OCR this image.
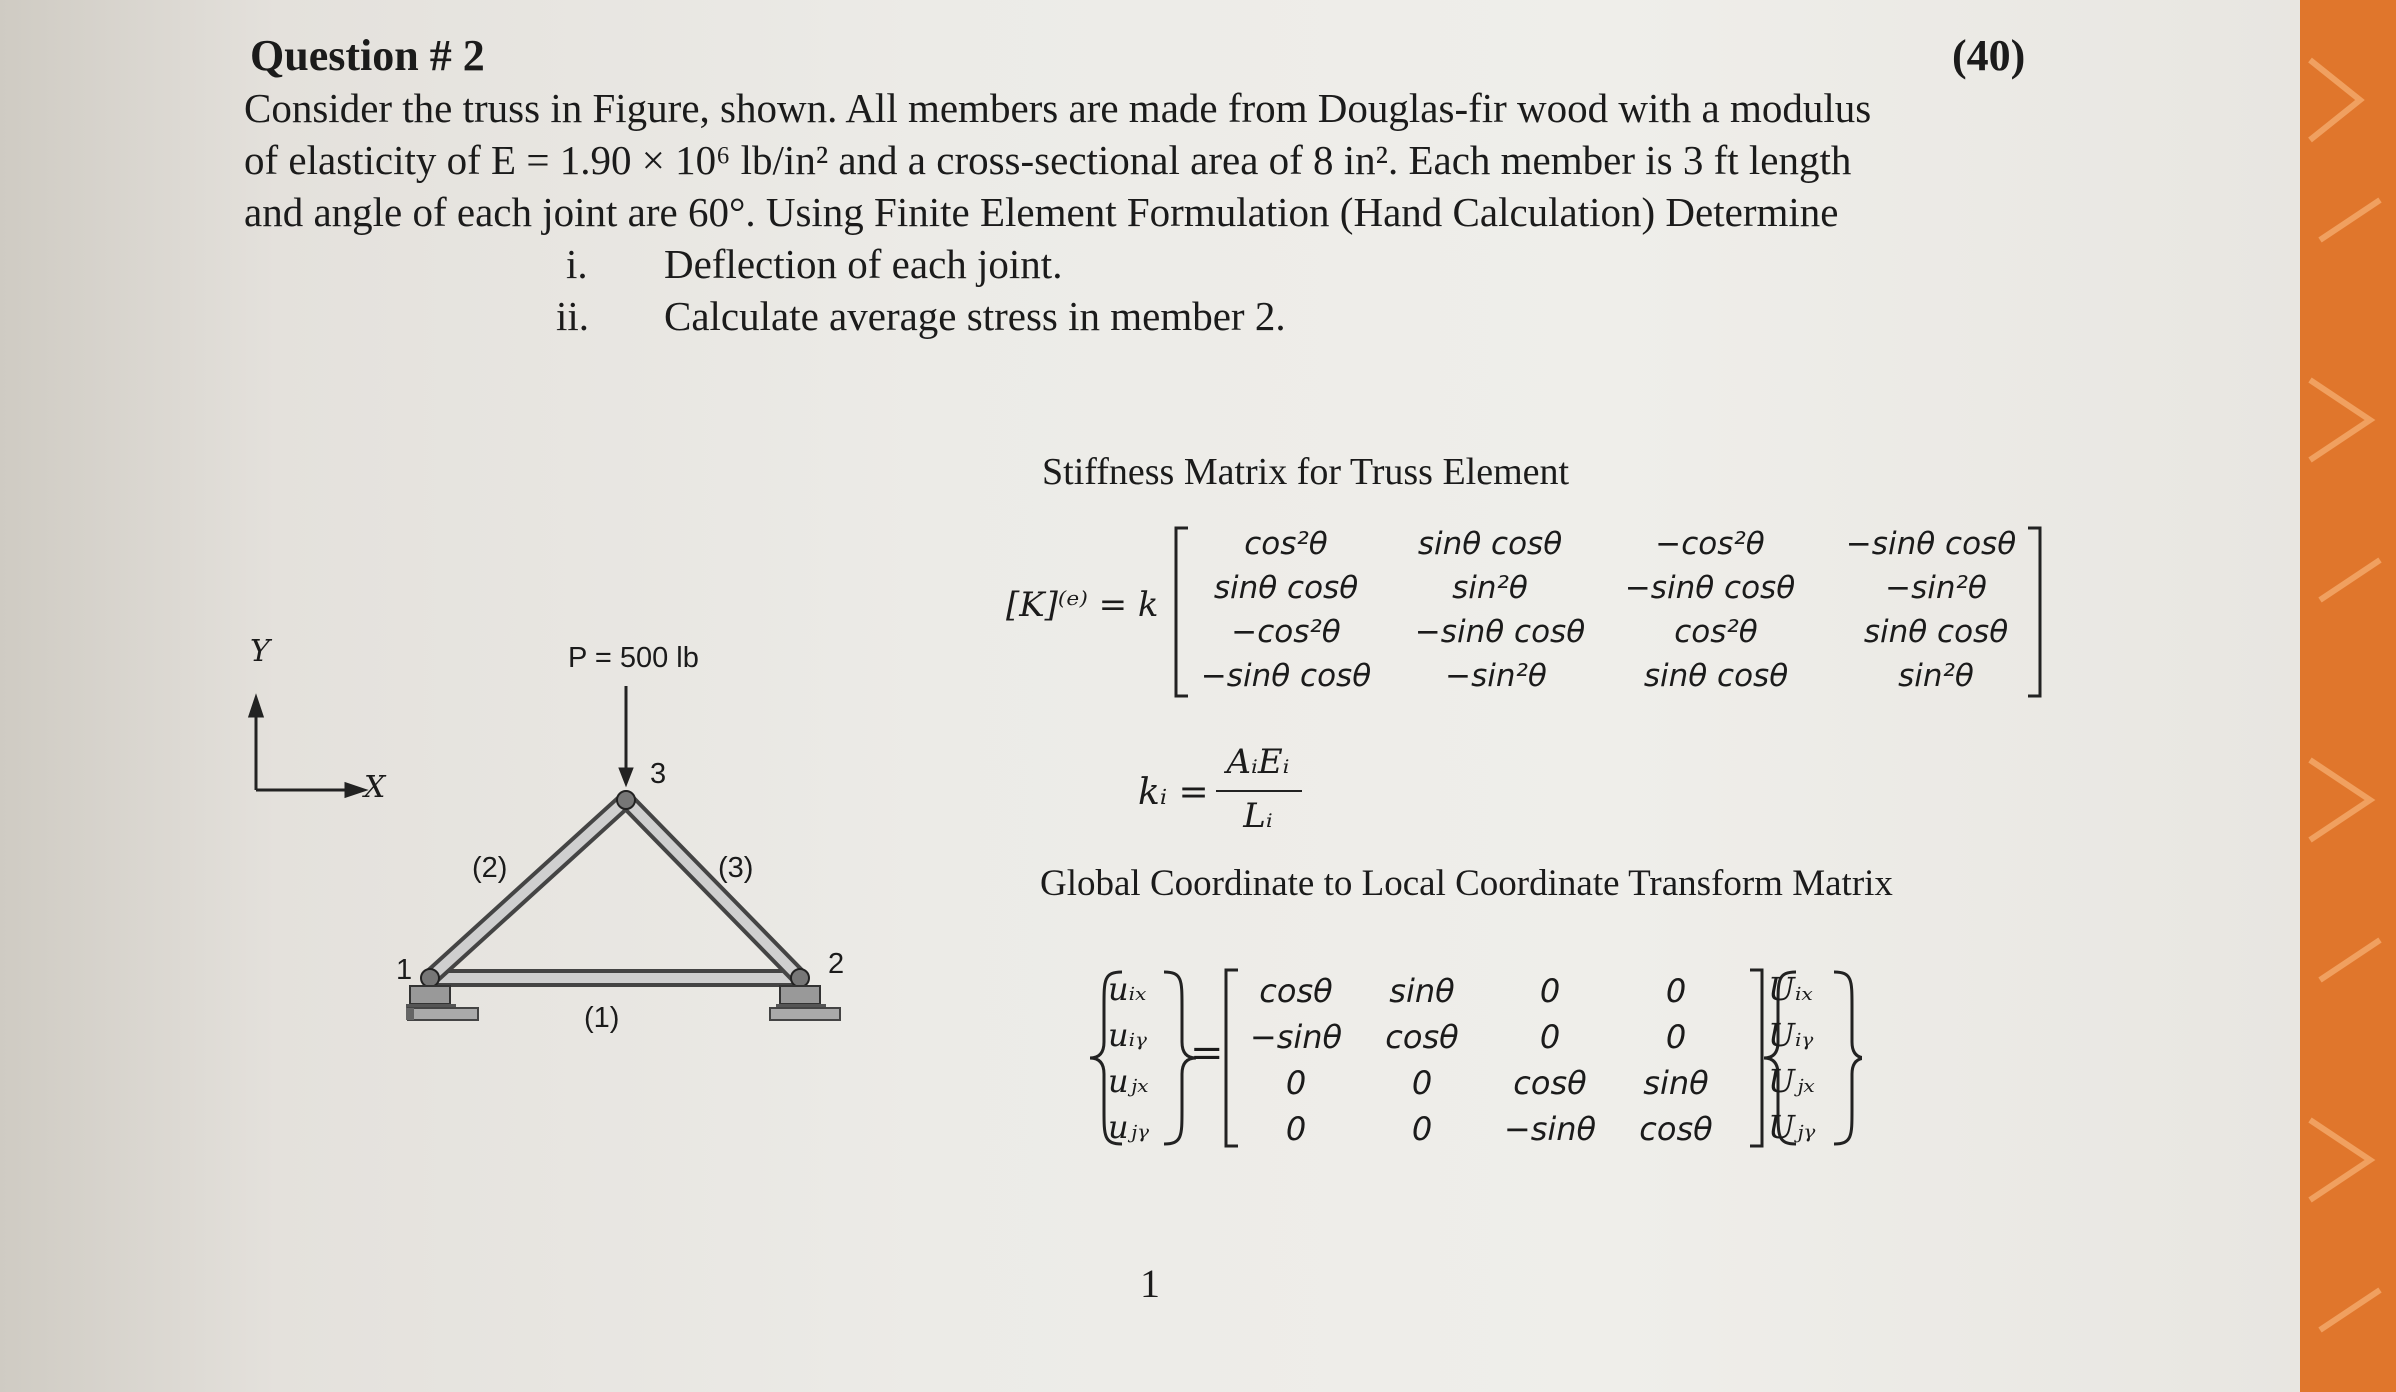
Question # 2	(40)
Consider the truss in Figure, shown. All members are made from Douglas-fir wood with a modulus
of elasticity of E = 1.90 × 10⁶ lb/in² and a cross-sectional area of 8 in². Each member is 3 ft length
and angle of each joint are 60°. Using Finite Element Formulation (Hand Calculation) Determine
i. Deflection of each joint.
ii. Calculate average stress in member 2.
Y
X
P = 500 lb
3
1	2
(2)	(3)
(1)
Stiffness Matrix for Truss Element
[K]⁽ᵉ⁾ = k
cos²θ	sinθ cosθ	−cos²θ	−sinθ cosθ
sinθ cosθ	sin²θ	−sinθ cosθ	−sin²θ
−cos²θ	−sinθ cosθ	cos²θ	sinθ cosθ
−sinθ cosθ	−sin²θ	sinθ cosθ	sin²θ
kᵢ =
AᵢEᵢ
Lᵢ
Global Coordinate to Local Coordinate Transform Matrix
uᵢₓ
uᵢᵧ
uⱼₓ
uⱼᵧ
=
cosθ	sinθ	0	0
−sinθ	cosθ	0	0
0	0	cosθ	sinθ
0	0	−sinθ	cosθ
Uᵢₓ
Uᵢᵧ
Uⱼₓ
Uⱼᵧ
1
